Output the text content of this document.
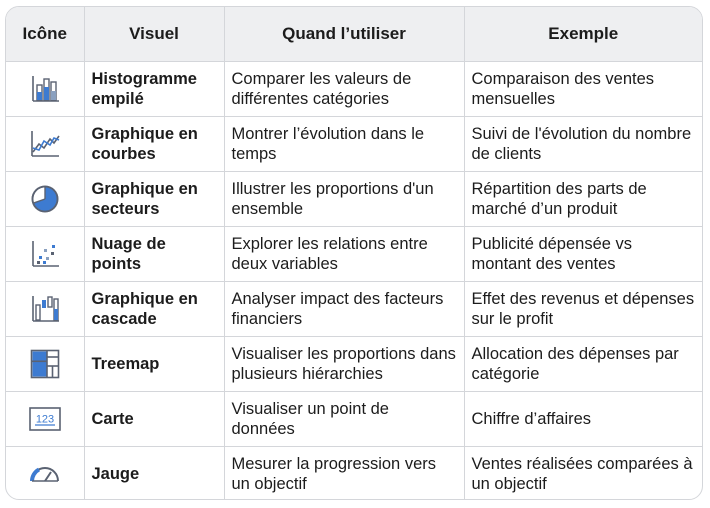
Icône	Visuel	Quand l’utiliser	Exemple

	Histogramme empilé	Comparer les valeurs de différentes catégories	Comparaison des ventes mensuelles

	Graphique en courbes	Montrer l’évolution dans le temps	Suivi de l'évolution du nombre de clients

	Graphique en secteurs	Illustrer les proportions d'un ensemble	Répartition des parts de marché d’un produit

	Nuage de points	Explorer les relations entre deux variables	Publicité dépensée vs montant des ventes

	Graphique en cascade	Analyser impact des facteurs financiers	Effet des revenus et dépenses sur le profit

	Treemap	Visualiser les proportions dans plusieurs hiérarchies	Allocation des dépenses par catégorie

123	Carte	Visualiser un point de données	Chiffre d’affaires

	Jauge	Mesurer la progression vers un objectif	Ventes réalisées comparées à un objectif
